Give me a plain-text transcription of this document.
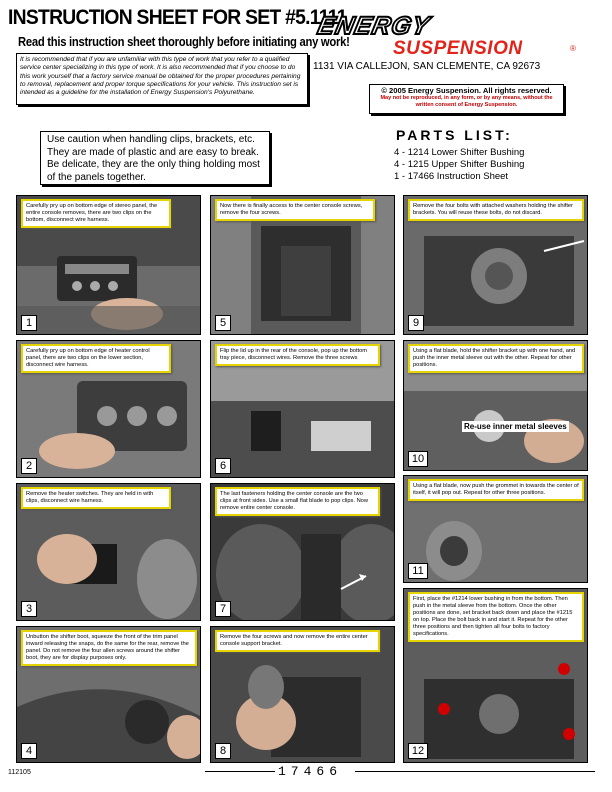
INSTRUCTION SHEET FOR SET #5.1111
Read this instruction sheet thoroughly before initiating any work!
It is recommended that if you are unfamiliar with this type of work that you refer to a qualified service center specializing in this type of work. It is also recommended that if you choose to do this work yourself that a factory service manual be obtained for the proper procedures pertaining to removal, replacement and proper torque specifications for your vehicle. This instruction set is intended as a guideline for the installation of Energy Suspension's Polyurethane.
ENERGY
SUSPENSION	®
1131 VIA CALLEJON, SAN CLEMENTE, CA 92673
© 2005 Energy Suspension. All rights reserved.
May not be reproduced, in any form, or by any means, without the written consent of Energy Suspension.
Use caution when handling clips, brackets, etc. They are made of plastic and are easy to break. Be delicate, they are the only thing holding most of the panels together.
PARTS LIST:
4 - 1214 Lower Shifter Bushing
4 - 1215 Upper Shifter Bushing
1 - 17466 Instruction Sheet
Carefully pry up on bottom edge of stereo panel, the entire console removes, there are two clips on the bottom, disconnect wire harness.
1
Carefully pry up on bottom edge of heater control panel, there are two clips on the lower section, disconnect wire harness.
2
Remove the heater switches. They are held in with clips, disconnect wire harness.
3
Unbutton the shifter boot, squeeze the front of the trim panel inward releasing the snaps, do the same for the rear, remove the panel. Do not remove the four allen screws around the shifter boot, they are for display purposes only.
4
Now there is finally access to the center console screws, remove the four screws.
5
Flip the lid up in the rear of the console, pop up the bottom tray piece, disconnect wires. Remove the three screws
6
The last fasteners holding the center console are the two clips at front sides. Use a small flat blade to pop clips. Now remove entire center console.
7
Remove the four screws and now remove the entire center console support bracket.
8
Remove the four bolts with attached washers holding the shifter brackets. You will reuse these bolts, do not discard.
9
Using a flat blade, hold the shifter bracket up with one hand, and push the inner metal sleeve out with the other. Repeat for other positions.
Re-use inner metal sleeves
10
Using a flat blade, now push the grommet in towards the center of itself, it will pop out. Repeat for other three positions.
11
First, place the #1214 lower bushing in from the bottom. Then push in the metal sleeve from the bottom. Once the other positions are done, set bracket back down and place the #1215 on top. Place the bolt back in and start it. Repeat for the other three positions and then tighten all four bolts to factory specifications.
12
112105	17466
